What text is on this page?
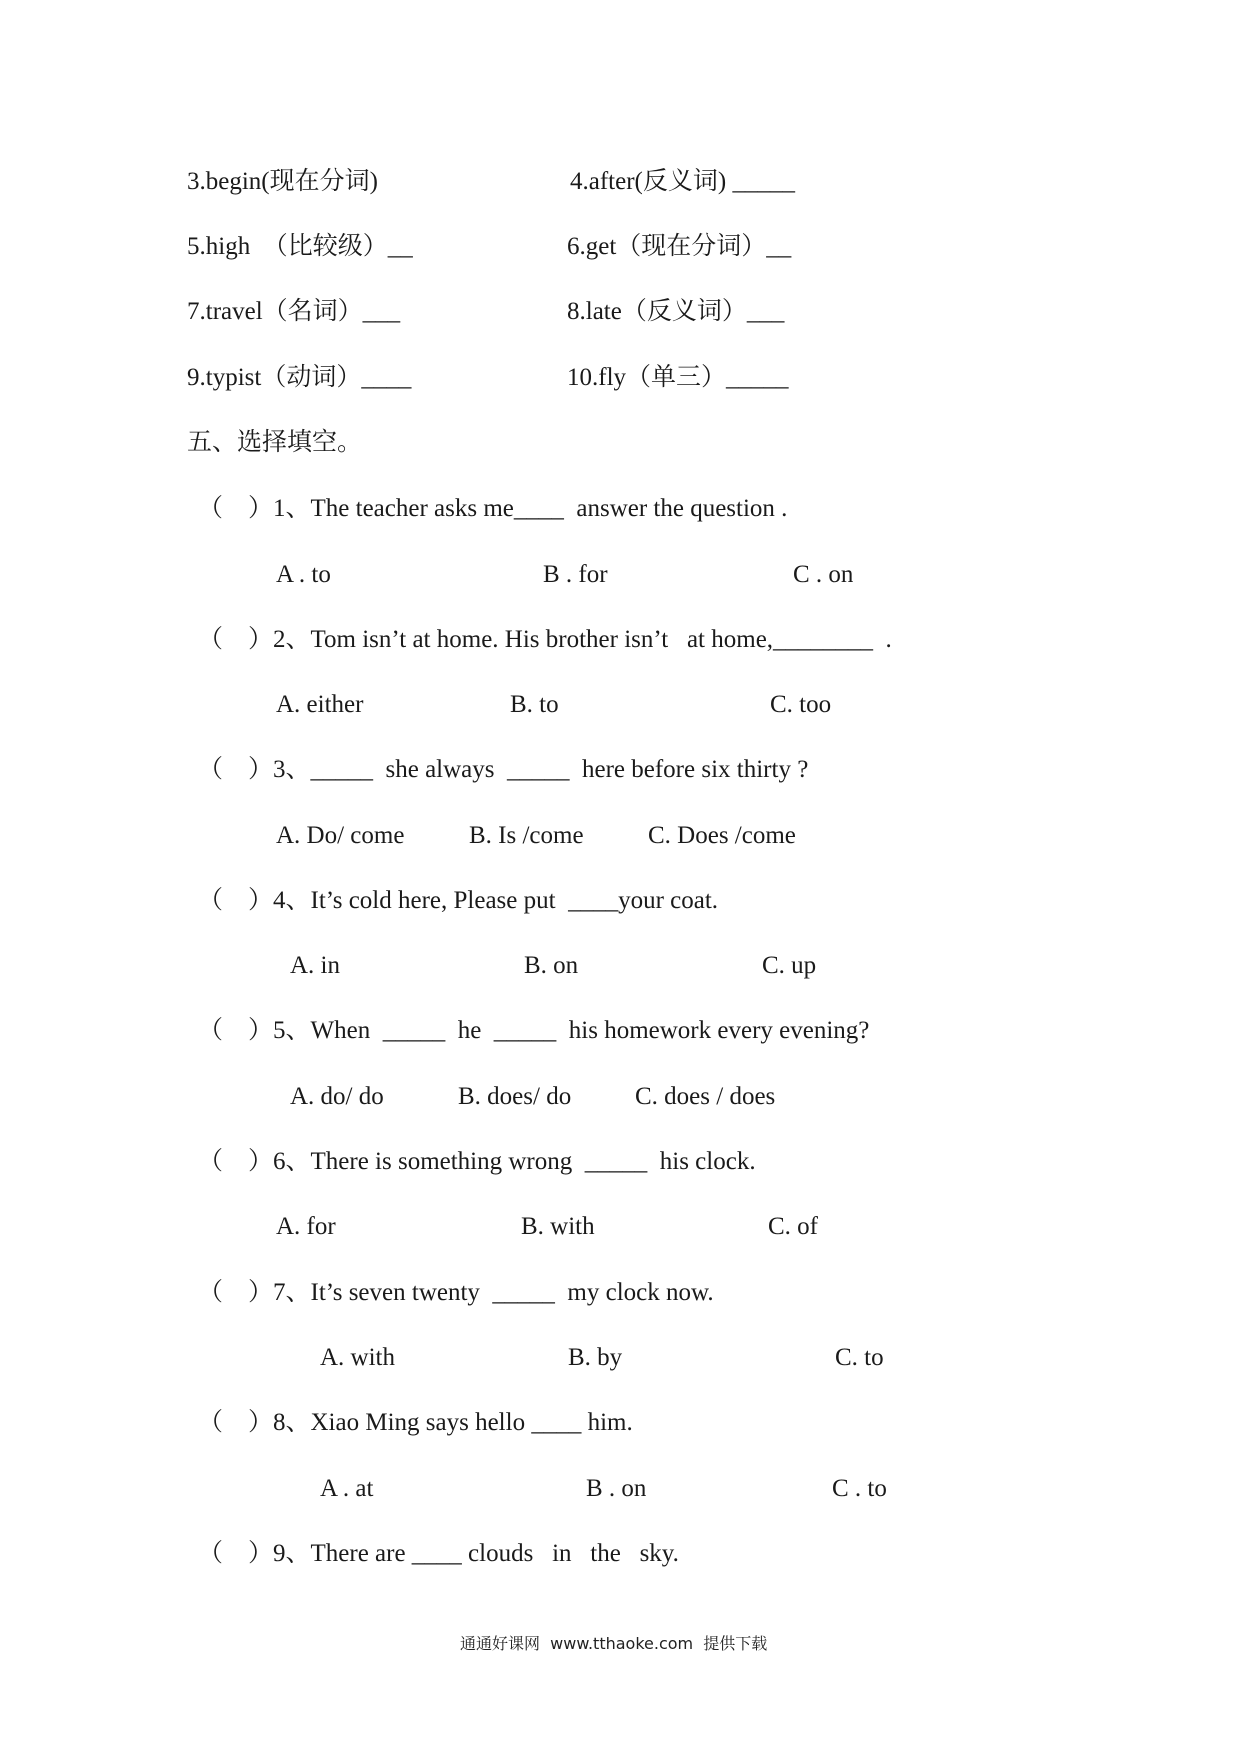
3.begin(现在分词)	4.after(反义词) _____
5.high  （比较级）__	6.get（现在分词）__
7.travel（名词）___	8.late（反义词）___
9.typist（动词）____	10.fly（单三）_____
五、选择填空。
（　）1、The teacher asks me____  answer the question .
A . to	B . for	C . on
（　）2、Tom isn’t at home. His brother isn’t   at home,________  .
A. either	B. to	C. too
（　）3、_____  she always  _____  here before six thirty ?
A. Do/ come	B. Is /come	C. Does /come
（　）4、It’s cold here, Please put  ____your coat.
A. in	B. on	C. up
（　）5、When  _____  he  _____  his homework every evening?
A. do/ do	B. does/ do	C. does / does
（　）6、There is something wrong  _____  his clock.
A. for	B. with	C. of
（　）7、It’s seven twenty  _____  my clock now.
A. with	B. by	C. to
（　）8、Xiao Ming says hello ____ him.
A . at	B . on	C . to
（　）9、There are ____ clouds   in   the   sky.
通通好课网  www.tthaoke.com  提供下载
